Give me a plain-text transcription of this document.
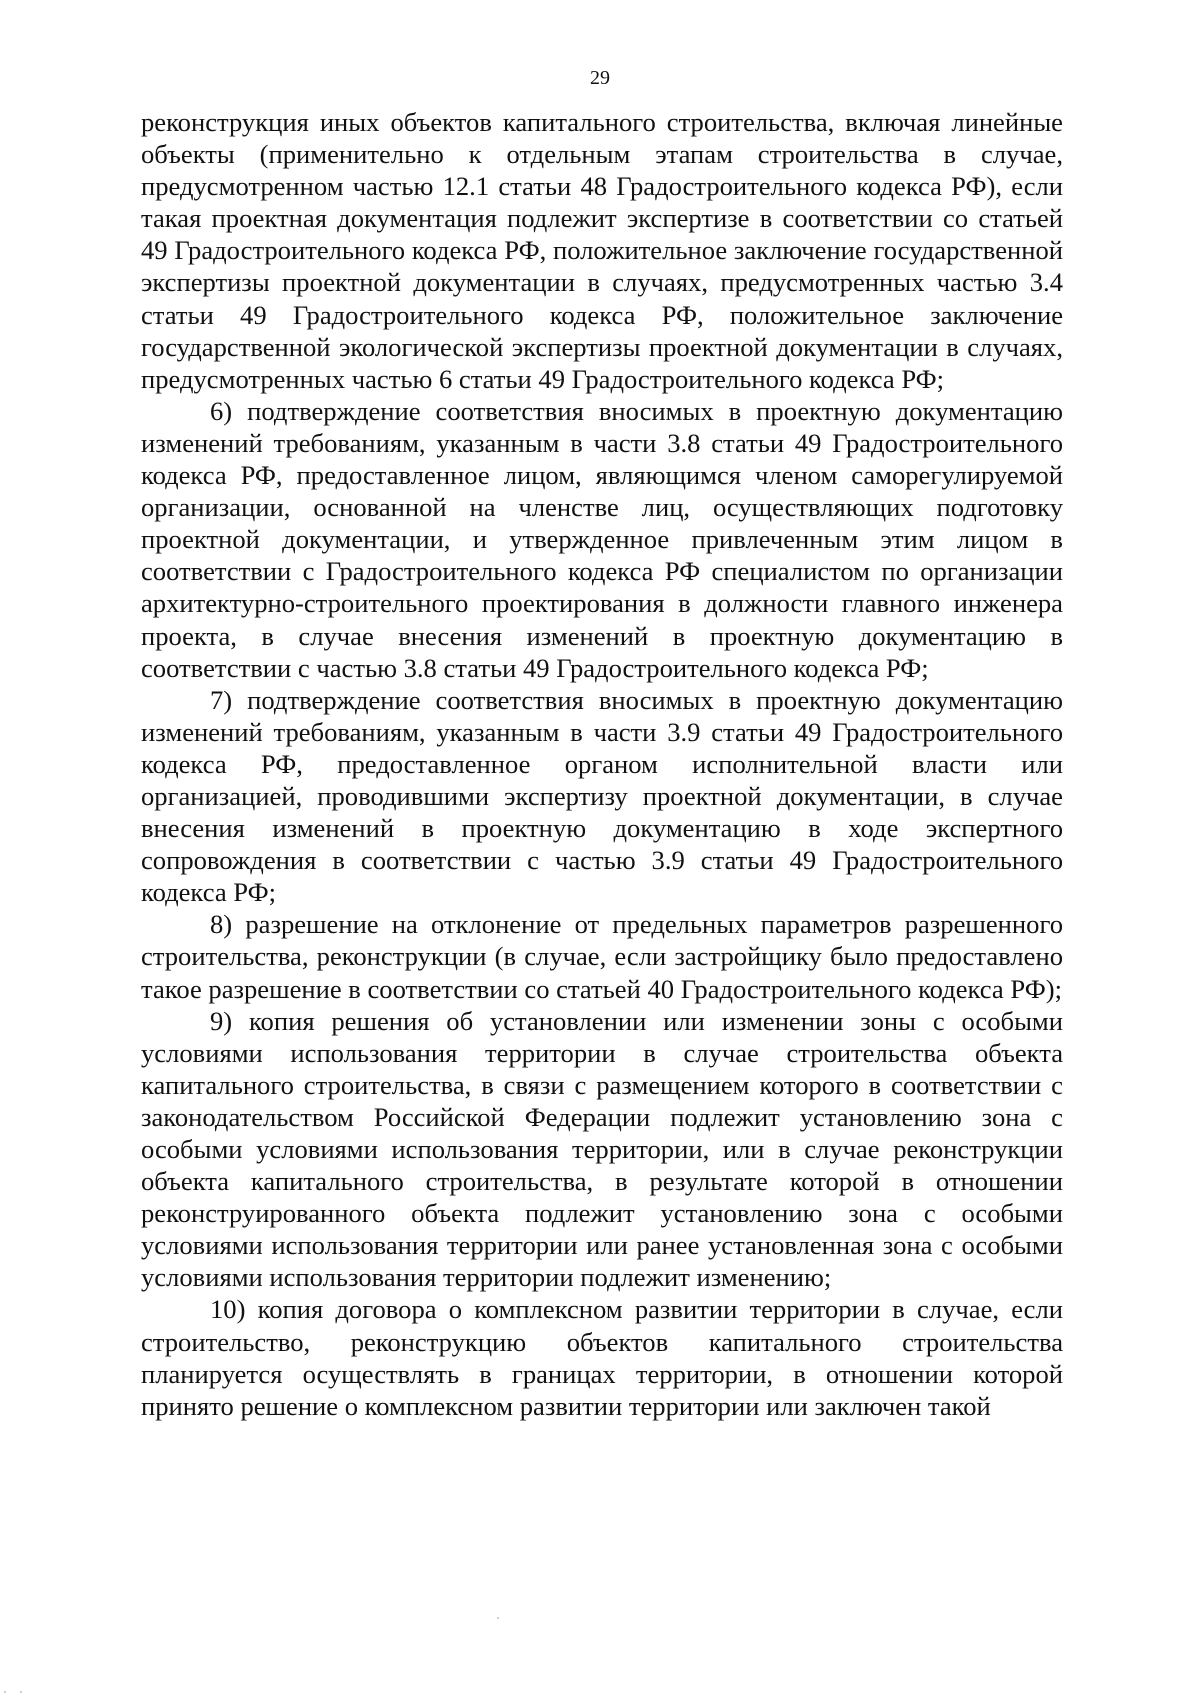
29

реконструкция иных объектов капитального строительства, включая линейные объекты (применительно к отдельным этапам строительства в случае, предусмотренном частью 12.1 статьи 48 Градостроительного кодекса РФ), если такая проектная документация подлежит экспертизе в соответствии со статьей 49 Градостроительного кодекса РФ, положительное заключение государственной экспертизы проектной документации в случаях, предусмотренных частью 3.4 статьи 49 Градостроительного кодекса РФ, положительное заключение государственной экологической экспертизы проектной документации в случаях, предусмотренных частью 6 статьи 49 Градостроительного кодекса РФ;

6) подтверждение соответствия вносимых в проектную документацию изменений требованиям, указанным в части 3.8 статьи 49 Градостроительного кодекса РФ, предоставленное лицом, являющимся членом саморегулируемой организации, основанной на членстве лиц, осуществляющих подготовку проектной документации, и утвержденное привлеченным этим лицом в соответствии с Градостроительного кодекса РФ специалистом по организации архитектурно-строительного проектирования в должности главного инженера проекта, в случае внесения изменений в проектную документацию в соответствии с частью 3.8 статьи 49 Градостроительного кодекса РФ;

7) подтверждение соответствия вносимых в проектную документацию изменений требованиям, указанным в части 3.9 статьи 49 Градостроительного кодекса РФ, предоставленное органом исполнительной власти или организацией, проводившими экспертизу проектной документации, в случае внесения изменений в проектную документацию в ходе экспертного сопровождения в соответствии с частью 3.9 статьи 49 Градостроительного кодекса РФ;

8) разрешение на отклонение от предельных параметров разрешенного строительства, реконструкции (в случае, если застройщику было предоставлено такое разрешение в соответствии со статьей 40 Градостроительного кодекса РФ);

9) копия решения об установлении или изменении зоны с особыми условиями использования территории в случае строительства объекта капитального строительства, в связи с размещением которого в соответствии с законодательством Российской Федерации подлежит установлению зона с особыми условиями использования территории, или в случае реконструкции объекта капитального строительства, в результате которой в отношении реконструированного объекта подлежит установлению зона с особыми условиями использования территории или ранее установленная зона с особыми условиями использования территории подлежит изменению;

10) копия договора о комплексном развитии территории в случае, если строительство, реконструкцию объектов капитального строительства планируется осуществлять в границах территории, в отношении которой принято решение о комплексном развитии территории или заключен такой
